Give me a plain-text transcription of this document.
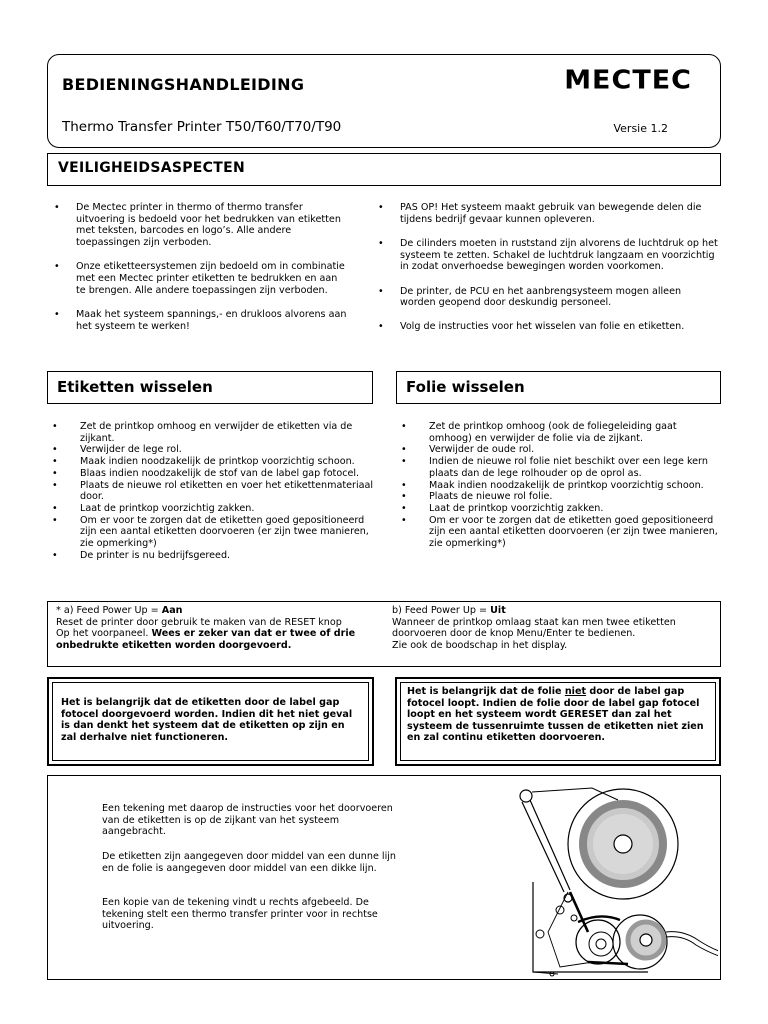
BEDIENINGSHANDLEIDING	MECTEC
Thermo Transfer Printer T50/T60/T70/T90	Versie 1.2
VEILIGHEIDSASPECTEN
• De Mectec printer in thermo of thermo transfer uitvoering is bedoeld voor het bedrukken van etiketten met teksten, barcodes en logo’s. Alle andere toepassingen zijn verboden.
• Onze etiketteersystemen zijn bedoeld om in combinatie met een Mectec printer etiketten te bedrukken en aan te brengen. Alle andere toepassingen zijn verboden.
• Maak het systeem spannings,- en drukloos alvorens aan het systeem te werken!
• PAS OP! Het systeem maakt gebruik van bewegende delen die tijdens bedrijf gevaar kunnen opleveren.
• De cilinders moeten in ruststand zijn alvorens de luchtdruk op het systeem te zetten. Schakel de luchtdruk langzaam en voorzichtig in zodat onverhoedse bewegingen worden voorkomen.
• De printer, de PCU en het aanbrengsysteem mogen alleen worden geopend door deskundig personeel.
• Volg de instructies voor het wisselen van folie en etiketten.
Etiketten wisselen
• Zet de printkop omhoog en verwijder de etiketten via de zijkant.
• Verwijder de lege rol.
• Maak indien noodzakelijk de printkop voorzichtig schoon.
• Blaas indien noodzakelijk de stof van de label gap fotocel.
• Plaats de nieuwe rol etiketten en voer het etikettenmateriaal door.
• Laat de printkop voorzichtig zakken.
• Om er voor te zorgen dat de etiketten goed gepositioneerd zijn een aantal etiketten doorvoeren (er zijn twee manieren, zie opmerking*)
• De printer is nu bedrijfsgereed.
Folie wisselen
• Zet de printkop omhoog (ook de foliegeleiding gaat omhoog) en verwijder de folie via de zijkant.
• Verwijder de oude rol.
• Indien de nieuwe rol folie niet beschikt over een lege kern plaats dan de lege rolhouder op de oprol as.
• Maak indien noodzakelijk de printkop voorzichtig schoon.
• Plaats de nieuwe rol folie.
• Laat de printkop voorzichtig zakken.
• Om er voor te zorgen dat de etiketten goed gepositioneerd zijn een aantal etiketten doorvoeren (er zijn twee manieren, zie opmerking*)
* a) Feed Power Up = Aan
Reset de printer door gebruik te maken van de RESET knop
Op het voorpaneel. Wees er zeker van dat er twee of drie onbedrukte etiketten worden doorgevoerd.
b) Feed Power Up = Uit
Wanneer de printkop omlaag staat kan men twee etiketten doorvoeren door de knop Menu/Enter te bedienen.
Zie ook de boodschap in het display.
Het is belangrijk dat de etiketten door de label gap fotocel doorgevoerd worden. Indien dit het niet geval is dan denkt het systeem dat de etiketten op zijn en zal derhalve niet functioneren.
Het is belangrijk dat de folie niet door de label gap fotocel loopt. Indien de folie door de label gap fotocel loopt en het systeem wordt GERESET dan zal het systeem de tussenruimte tussen de etiketten niet zien en zal continu etiketten doorvoeren.
Een tekening met daarop de instructies voor het doorvoeren van de etiketten is op de zijkant van het systeem aangebracht.
De etiketten zijn aangegeven door middel van een dunne lijn en de folie is aangegeven door middel van een dikke lijn.
Een kopie van de tekening vindt u rechts afgebeeld. De tekening stelt een thermo transfer printer voor in rechtse uitvoering.
